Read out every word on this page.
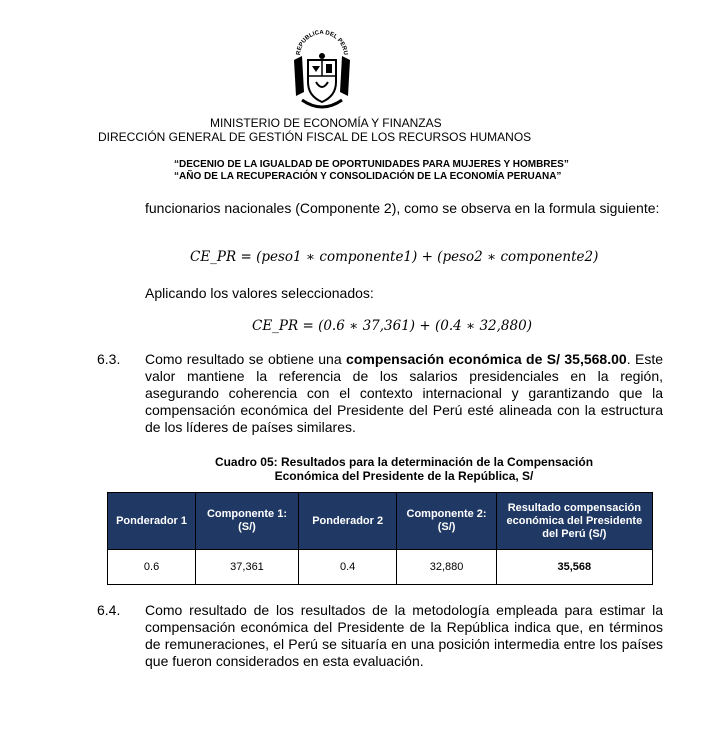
REPUBLICA DEL PERU
MINISTERIO DE ECONOMÍA Y FINANZAS
DIRECCIÓN GENERAL DE GESTIÓN FISCAL DE LOS RECURSOS HUMANOS
“DECENIO DE LA IGUALDAD DE OPORTUNIDADES PARA MUJERES Y HOMBRES”
“AÑO DE LA RECUPERACIÓN Y CONSOLIDACIÓN DE LA ECONOMÍA PERUANA”
funcionarios nacionales (Componente 2), como se observa en la formula siguiente:
CE_PR = (peso1 ∗ componente1) + (peso2 ∗ componente2)
Aplicando los valores seleccionados:
CE_PR = (0.6 ∗ 37,361) + (0.4 ∗ 32,880)
6.3. Como resultado se obtiene una compensación económica de S/ 35,568.00. Este valor mantiene la referencia de los salarios presidenciales en la región, asegurando coherencia con el contexto internacional y garantizando que la compensación económica del Presidente del Perú esté alineada con la estructura de los líderes de países similares.
Cuadro 05: Resultados para la determinación de la Compensación
Económica del Presidente de la República, S/
Ponderador 1	Componente 1: (S/)	Ponderador 2	Componente 2: (S/)	Resultado compensación económica del Presidente del Perú (S/)
0.6	37,361	0.4	32,880	35,568
6.4. Como resultado de los resultados de la metodología empleada para estimar la compensación económica del Presidente de la República indica que, en términos de remuneraciones, el Perú se situaría en una posición intermedia entre los países que fueron considerados en esta evaluación.
